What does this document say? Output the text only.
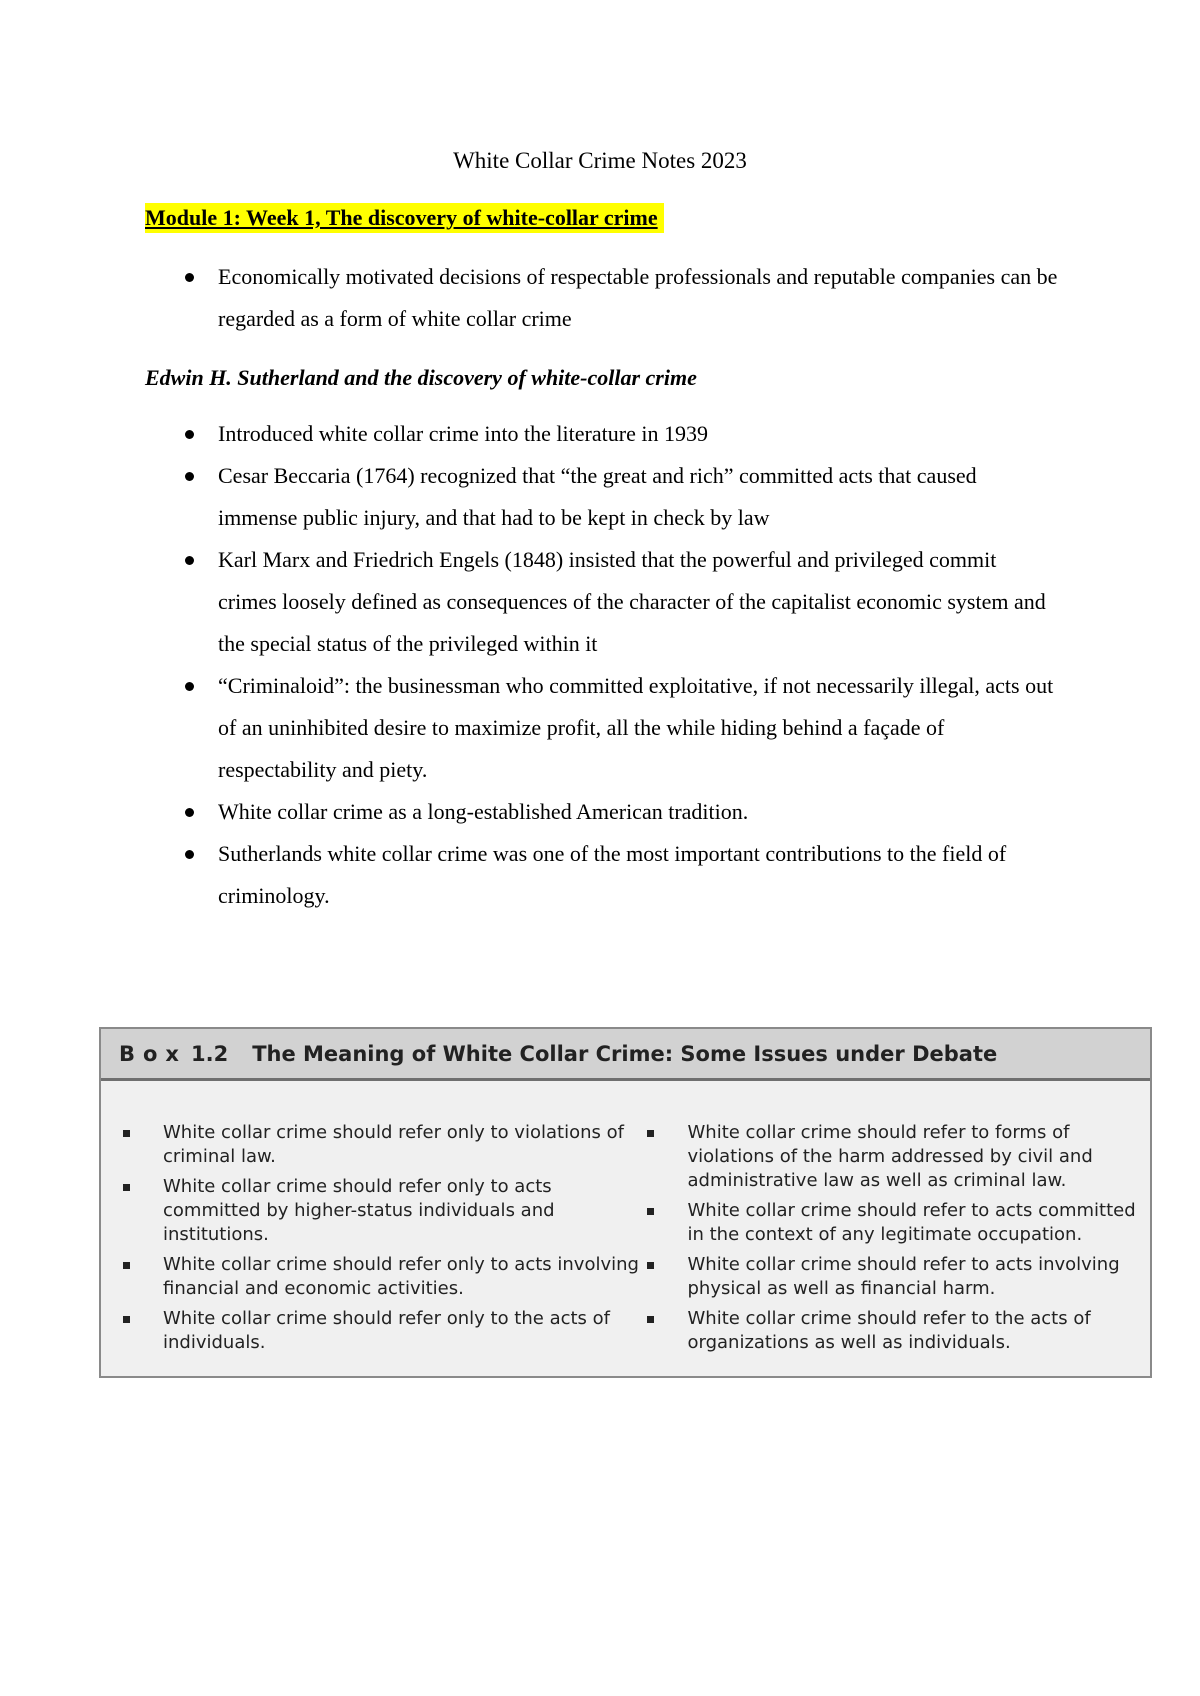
White Collar Crime Notes 2023
Module 1: Week 1, The discovery of white-collar crime
Economically motivated decisions of respectable professionals and reputable companies can be regarded as a form of white collar crime
Edwin H. Sutherland and the discovery of white-collar crime
Introduced white collar crime into the literature in 1939
Cesar Beccaria (1764) recognized that “the great and rich” committed acts that caused immense public injury, and that had to be kept in check by law
Karl Marx and Friedrich Engels (1848) insisted that the powerful and privileged commit crimes loosely defined as consequences of the character of the capitalist economic system and the special status of the privileged within it
“Criminaloid”: the businessman who committed exploitative, if not necessarily illegal, acts out of an uninhibited desire to maximize profit, all the while hiding behind a façade of respectability and piety.
White collar crime as a long-established American tradition.
Sutherlands white collar crime was one of the most important contributions to the field of criminology.
Box 1.2 The Meaning of White Collar Crime: Some Issues under Debate
White collar crime should refer only to violations of criminal law.
White collar crime should refer only to acts committed by higher-status individuals and institutions.
White collar crime should refer only to acts involving financial and economic activities.
White collar crime should refer only to the acts of individuals.
White collar crime should refer to forms of violations of the harm addressed by civil and administrative law as well as criminal law.
White collar crime should refer to acts committed in the context of any legitimate occupation.
White collar crime should refer to acts involving physical as well as financial harm.
White collar crime should refer to the acts of organizations as well as individuals.
